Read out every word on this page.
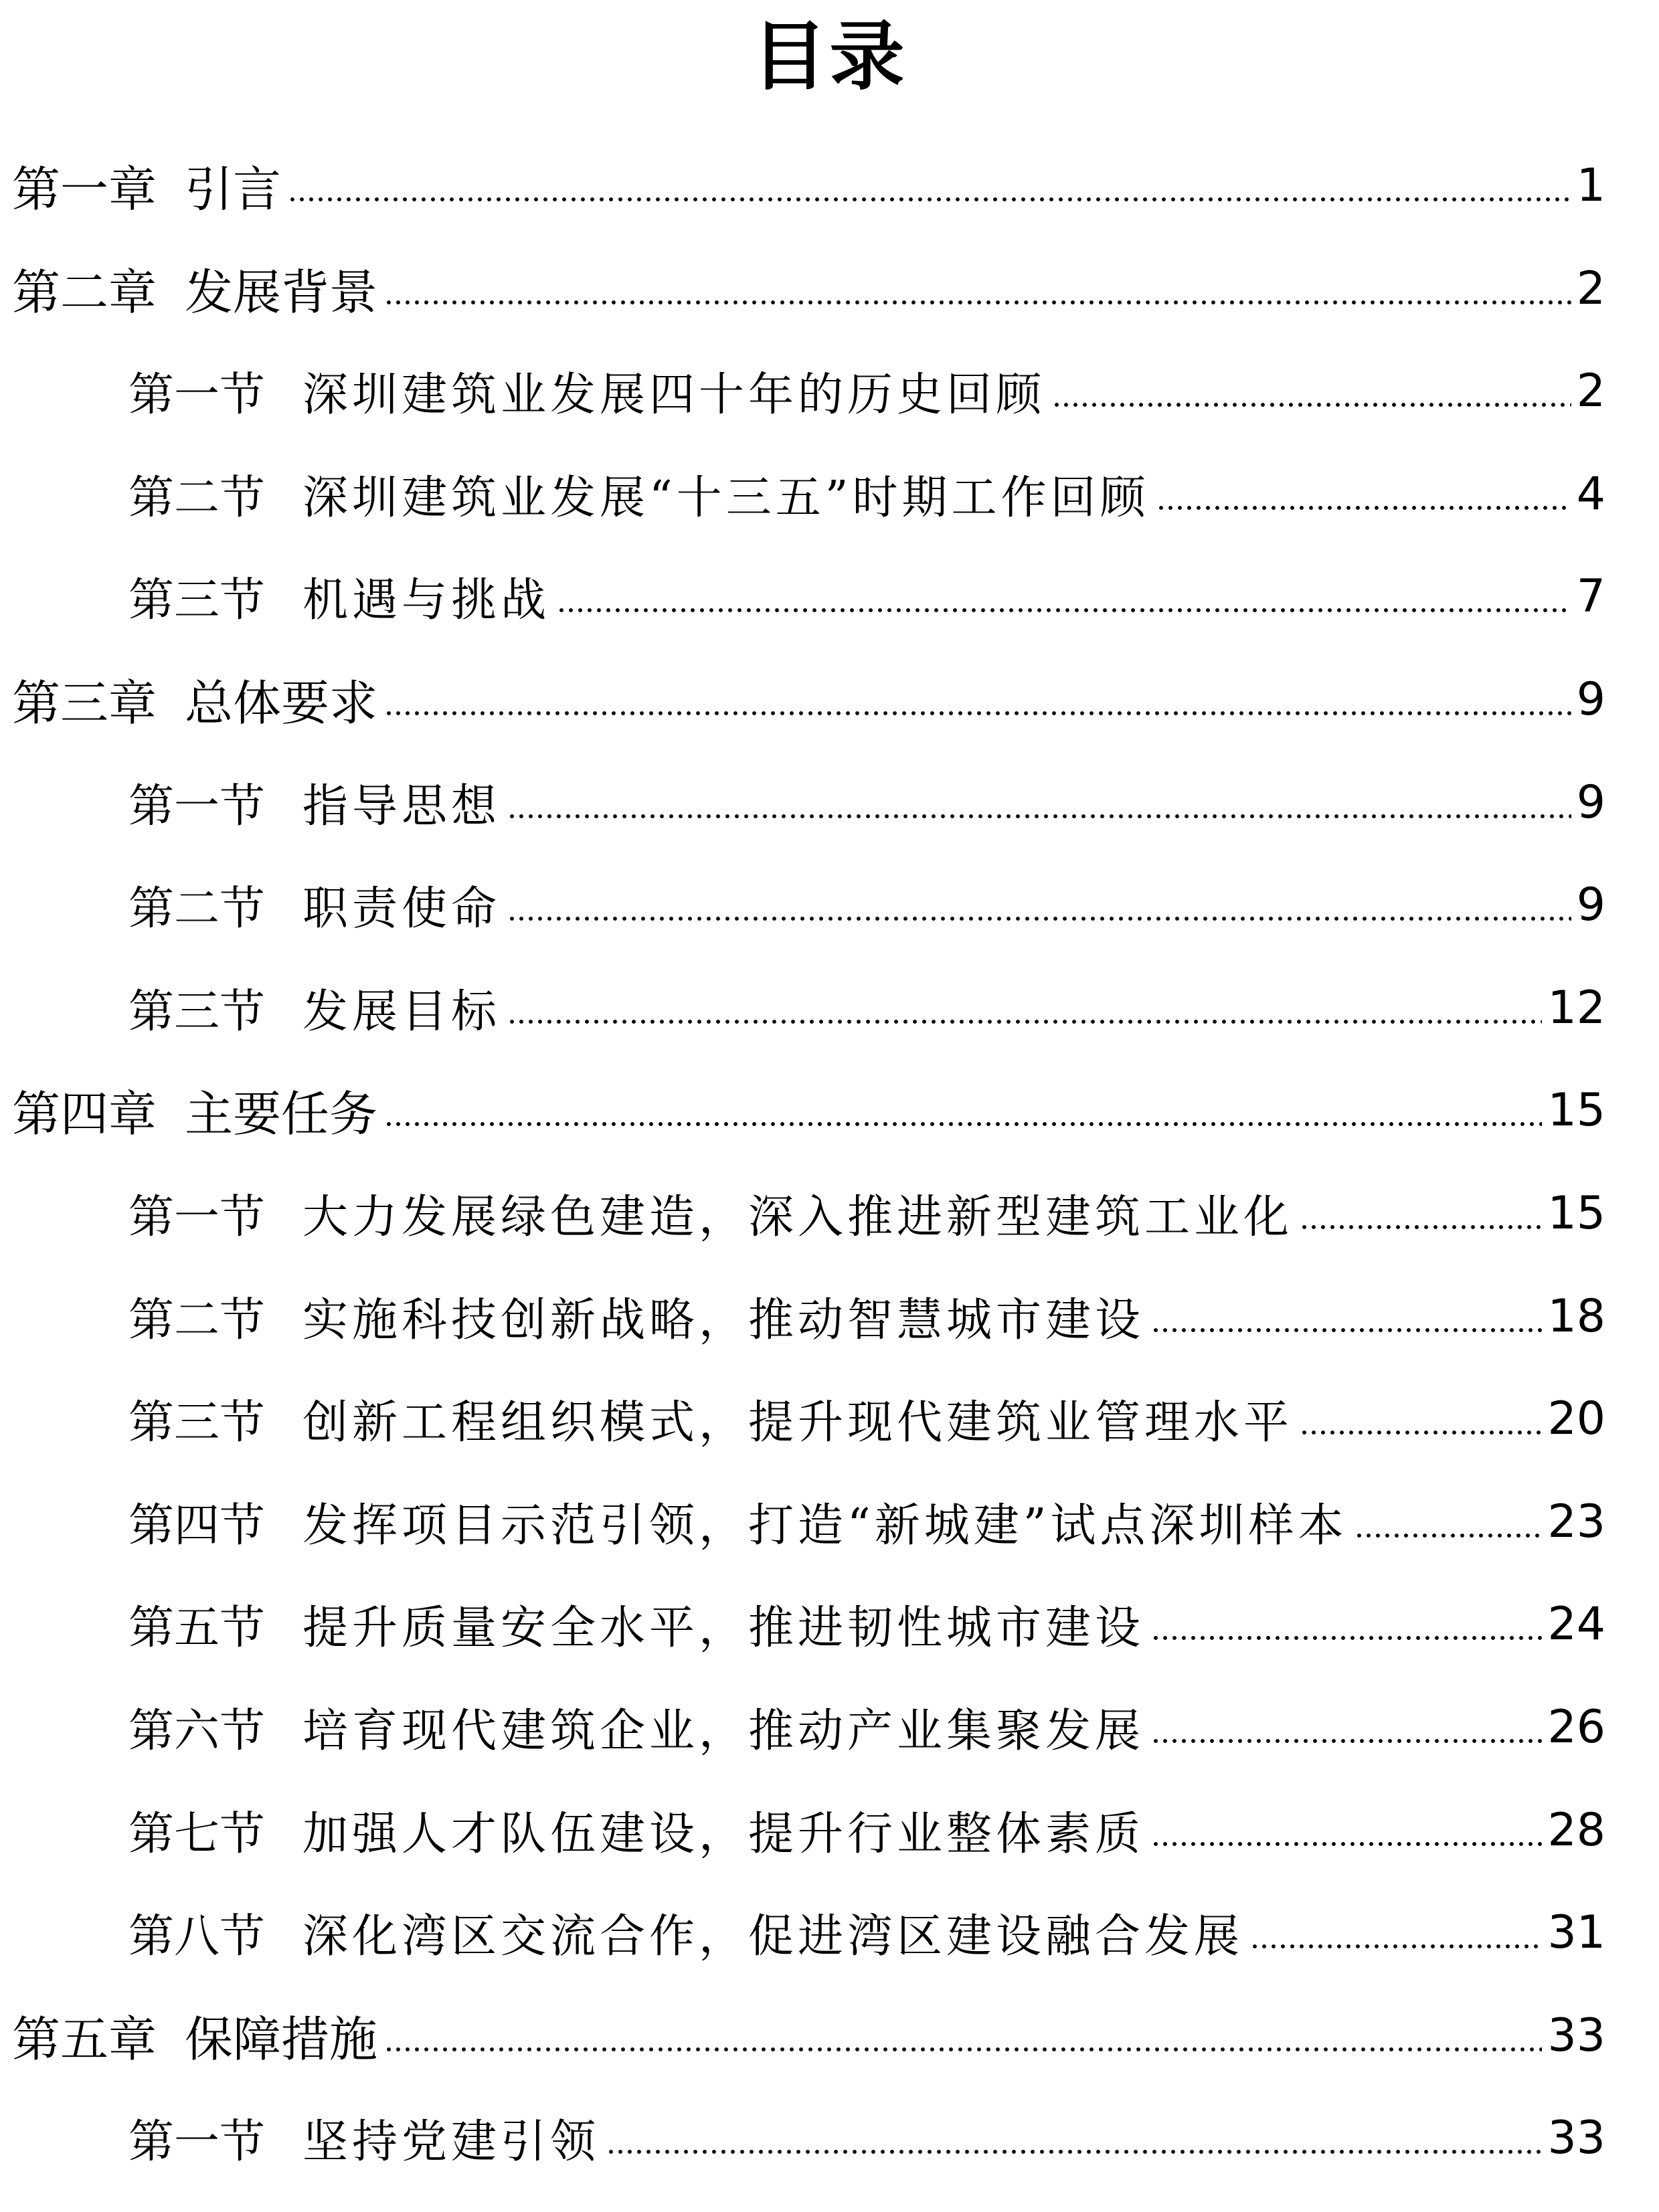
目录
第一章 引言	1
第二章 发展背景	2
第一节 深圳建筑业发展四十年的历史回顾	2
第二节 深圳建筑业发展“十三五”时期工作回顾	4
第三节 机遇与挑战	7
第三章 总体要求	9
第一节 指导思想	9
第二节 职责使命	9
第三节 发展目标	12
第四章 主要任务	15
第一节 大力发展绿色建造，深入推进新型建筑工业化	15
第二节 实施科技创新战略，推动智慧城市建设	18
第三节 创新工程组织模式，提升现代建筑业管理水平	20
第四节 发挥项目示范引领，打造“新城建”试点深圳样本	23
第五节 提升质量安全水平，推进韧性城市建设	24
第六节 培育现代建筑企业，推动产业集聚发展	26
第七节 加强人才队伍建设，提升行业整体素质	28
第八节 深化湾区交流合作，促进湾区建设融合发展	31
第五章 保障措施	33
第一节 坚持党建引领	33
